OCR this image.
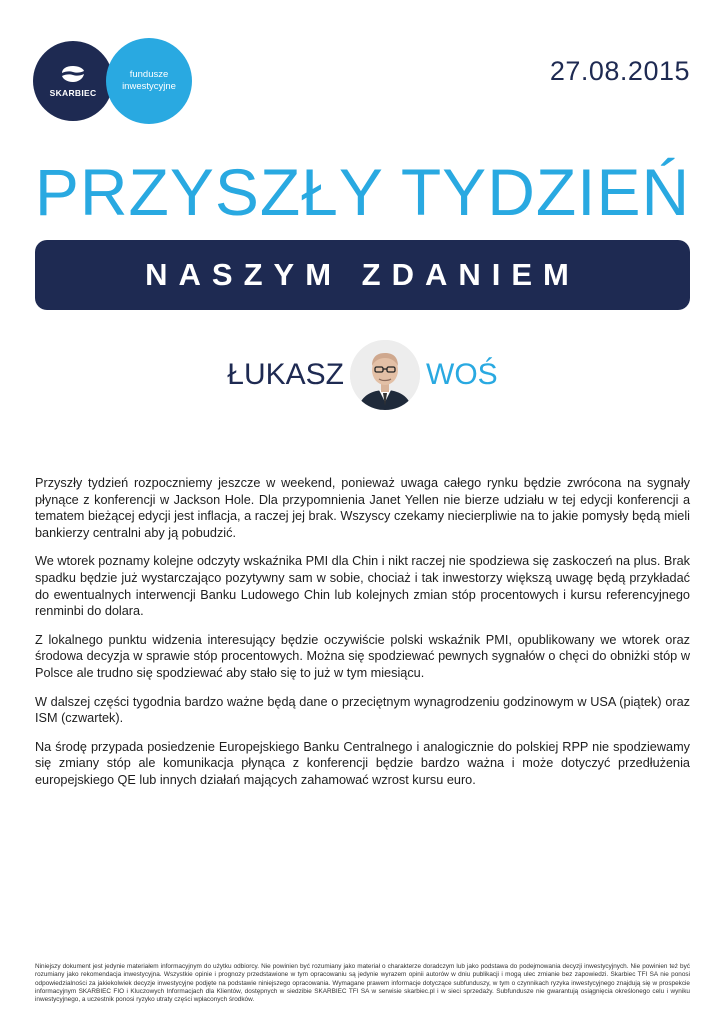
SKARBIEC
fundusze
inwestycyjne
27.08.2015
PRZYSZŁY TYDZIEŃ
NASZYM ZDANIEM
ŁUKASZ	WOŚ

Przyszły tydzień rozpoczniemy jeszcze w weekend, ponieważ uwaga całego rynku będzie zwrócona na sygnały płynące z konferencji w Jackson Hole. Dla przypomnienia Janet Yellen nie bierze udziału w tej edycji konferencji a tematem bieżącej edycji jest inflacja, a raczej jej brak. Wszyscy czekamy niecierpliwie na to jakie pomysły będą mieli bankierzy centralni aby ją pobudzić.

We wtorek poznamy kolejne odczyty wskaźnika PMI dla Chin i nikt raczej nie spodziewa się zaskoczeń na plus. Brak spadku będzie już wystarczająco pozytywny sam w sobie, chociaż i tak inwestorzy większą uwagę będą przykładać do ewentualnych interwencji Banku Ludowego Chin lub kolejnych zmian stóp procentowych i kursu referencyjnego renminbi do dolara.

Z lokalnego punktu widzenia interesujący będzie oczywiście polski wskaźnik PMI, opublikowany we wtorek oraz środowa decyzja w sprawie stóp procentowych. Można się spodziewać pewnych sygnałów o chęci do obniżki stóp w Polsce ale trudno się spodziewać aby stało się to już w tym miesiącu.

W dalszej części tygodnia bardzo ważne będą dane o przeciętnym wynagrodzeniu godzinowym w USA (piątek) oraz ISM (czwartek).

Na środę przypada posiedzenie Europejskiego Banku Centralnego i analogicznie do polskiej RPP nie spodziewamy się zmiany stóp ale komunikacja płynąca z konferencji będzie bardzo ważna i może dotyczyć przedłużenia europejskiego QE lub innych działań mających zahamować wzrost kursu euro.

Niniejszy dokument jest jedynie materiałem informacyjnym do użytku odbiorcy. Nie powinien być rozumiany jako materiał o charakterze doradczym lub jako podstawa do podejmowania decyzji inwestycyjnych. Nie powinien też być rozumiany jako rekomendacja inwestycyjna. Wszystkie opinie i prognozy przedstawione w tym opracowaniu są jedynie wyrazem opinii autorów w dniu publikacji i mogą ulec zmianie bez zapowiedzi. Skarbiec TFI SA nie ponosi odpowiedzialności za jakiekolwiek decyzje inwestycyjne podjęte na podstawie niniejszego opracowania. Wymagane prawem informacje dotyczące subfunduszy, w tym o czynnikach ryzyka inwestycyjnego znajdują się w prospekcie informacyjnym SKARBIEC FIO i Kluczowych Informacjach dla Klientów, dostępnych w siedzibie SKARBIEC TFI SA w serwisie skarbiec.pl i w sieci sprzedaży. Subfundusze nie gwarantują osiągnięcia określonego celu i wyniku inwestycyjnego, a uczestnik ponosi ryzyko utraty części wpłaconych środków.
